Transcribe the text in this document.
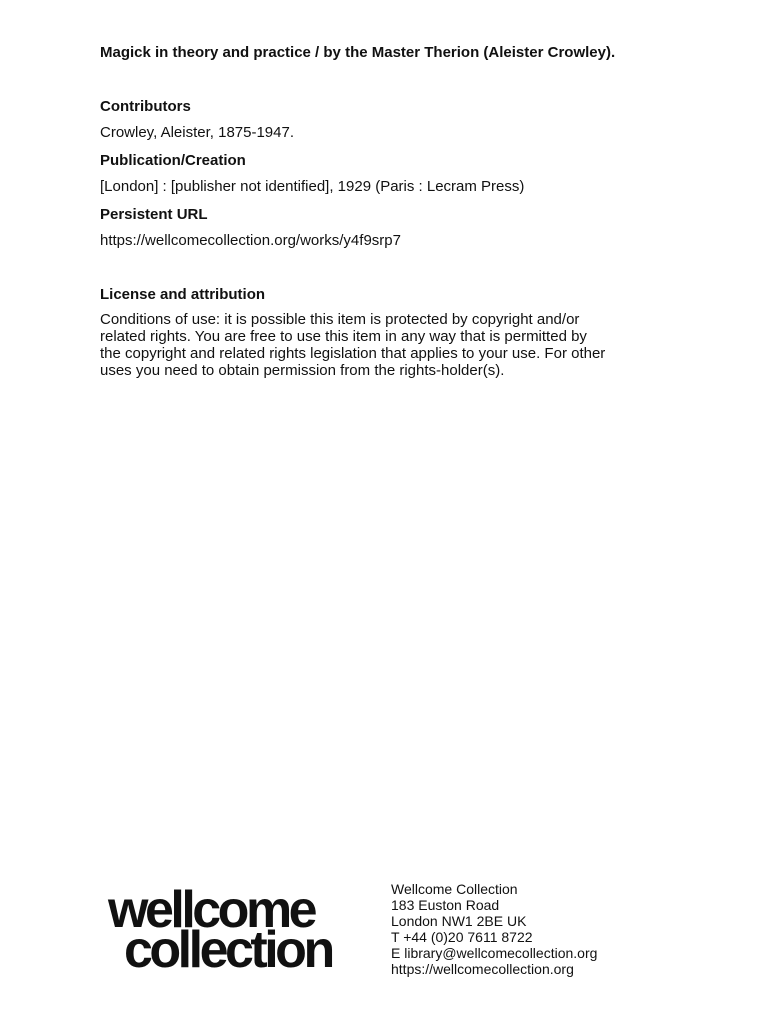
Magick in theory and practice / by the Master Therion (Aleister Crowley).
Contributors
Crowley, Aleister, 1875-1947.
Publication/Creation
[London] : [publisher not identified], 1929 (Paris : Lecram Press)
Persistent URL
https://wellcomecollection.org/works/y4f9srp7
License and attribution
Conditions of use: it is possible this item is protected by copyright and/or
related rights. You are free to use this item in any way that is permitted by
the copyright and related rights legislation that applies to your use. For other
uses you need to obtain permission from the rights-holder(s).
wellcome
collection
Wellcome Collection
183 Euston Road
London NW1 2BE UK
T +44 (0)20 7611 8722
E library@wellcomecollection.org
https://wellcomecollection.org
